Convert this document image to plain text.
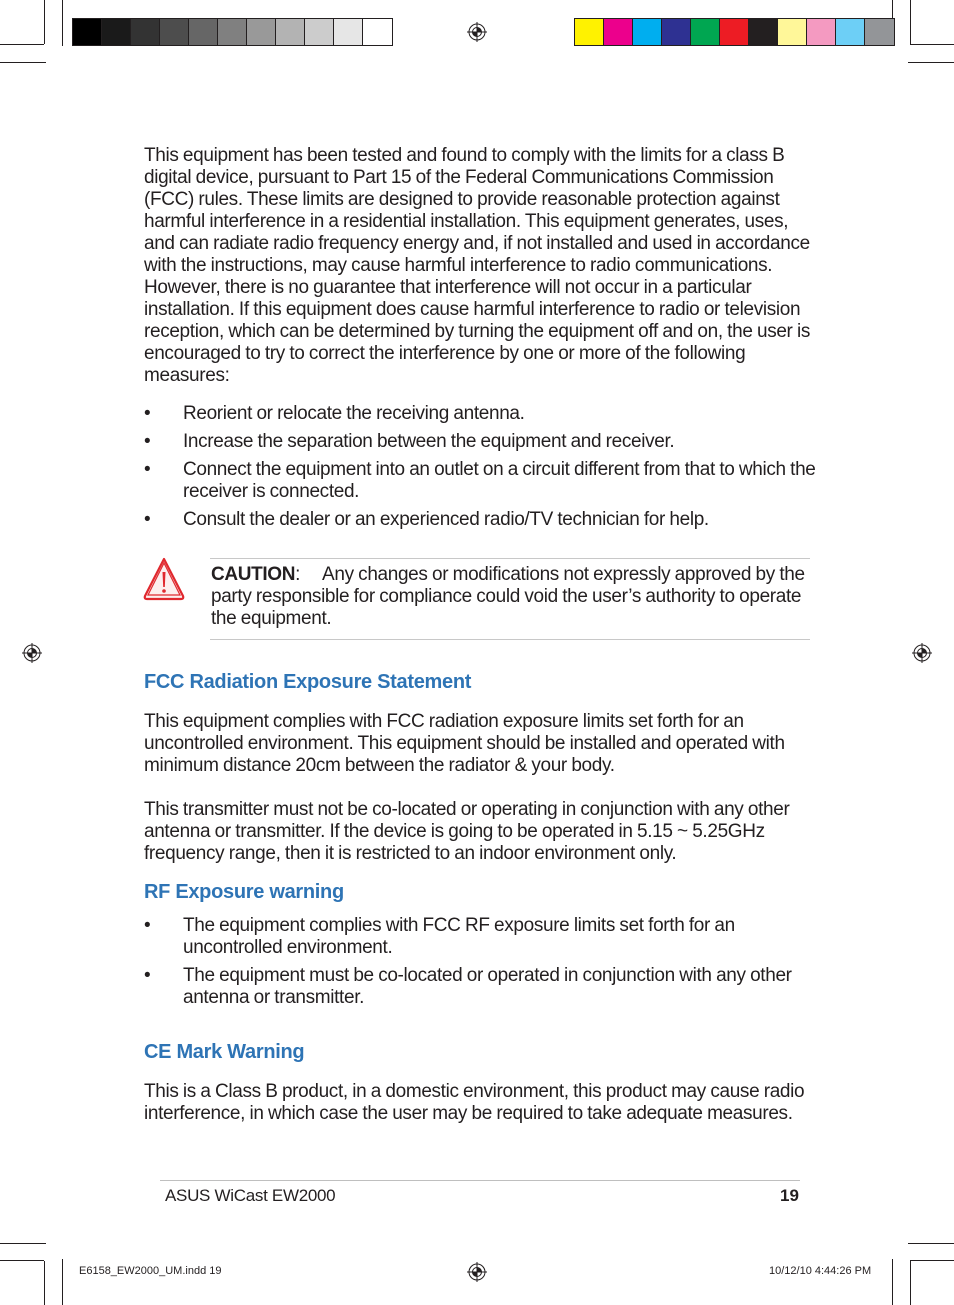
This equipment has been tested and found to comply with the limits for a class B digital device, pursuant to Part 15 of the Federal Communications Commission (FCC) rules. These limits are designed to provide reasonable protection against harmful interference in a residential installation. This equipment generates, uses, and can radiate radio frequency energy and, if not installed and used in accordance with the instructions, may cause harmful interference to radio communications. However, there is no guarantee that interference will not occur in a particular installation. If this equipment does cause harmful interference to radio or television reception, which can be determined by turning the equipment off and on, the user is encouraged to try to correct the interference by one or more of the following measures:

• Reorient or relocate the receiving antenna.
• Increase the separation between the equipment and receiver.
• Connect the equipment into an outlet on a circuit different from that to which the receiver is connected.
• Consult the dealer or an experienced radio/TV technician for help.

CAUTION: Any changes or modifications not expressly approved by the party responsible for compliance could void the user’s authority to operate the equipment.

FCC Radiation Exposure Statement

This equipment complies with FCC radiation exposure limits set forth for an uncontrolled environment. This equipment should be installed and operated with minimum distance 20cm between the radiator & your body.

This transmitter must not be co-located or operating in conjunction with any other antenna or transmitter. If the device is going to be operated in 5.15 ~ 5.25GHz frequency range, then it is restricted to an indoor environment only.

RF Exposure warning
• The equipment complies with FCC RF exposure limits set forth for an uncontrolled environment.
• The equipment must be co-located or operated in conjunction with any other antenna or transmitter.
CE Mark Warning

This is a Class B product, in a domestic environment, this product may cause radio interference, in which case the user may be required to take adequate measures.

ASUS WiCast EW2000	19
E6158_EW2000_UM.indd 19	10/12/10 4:44:26 PM
